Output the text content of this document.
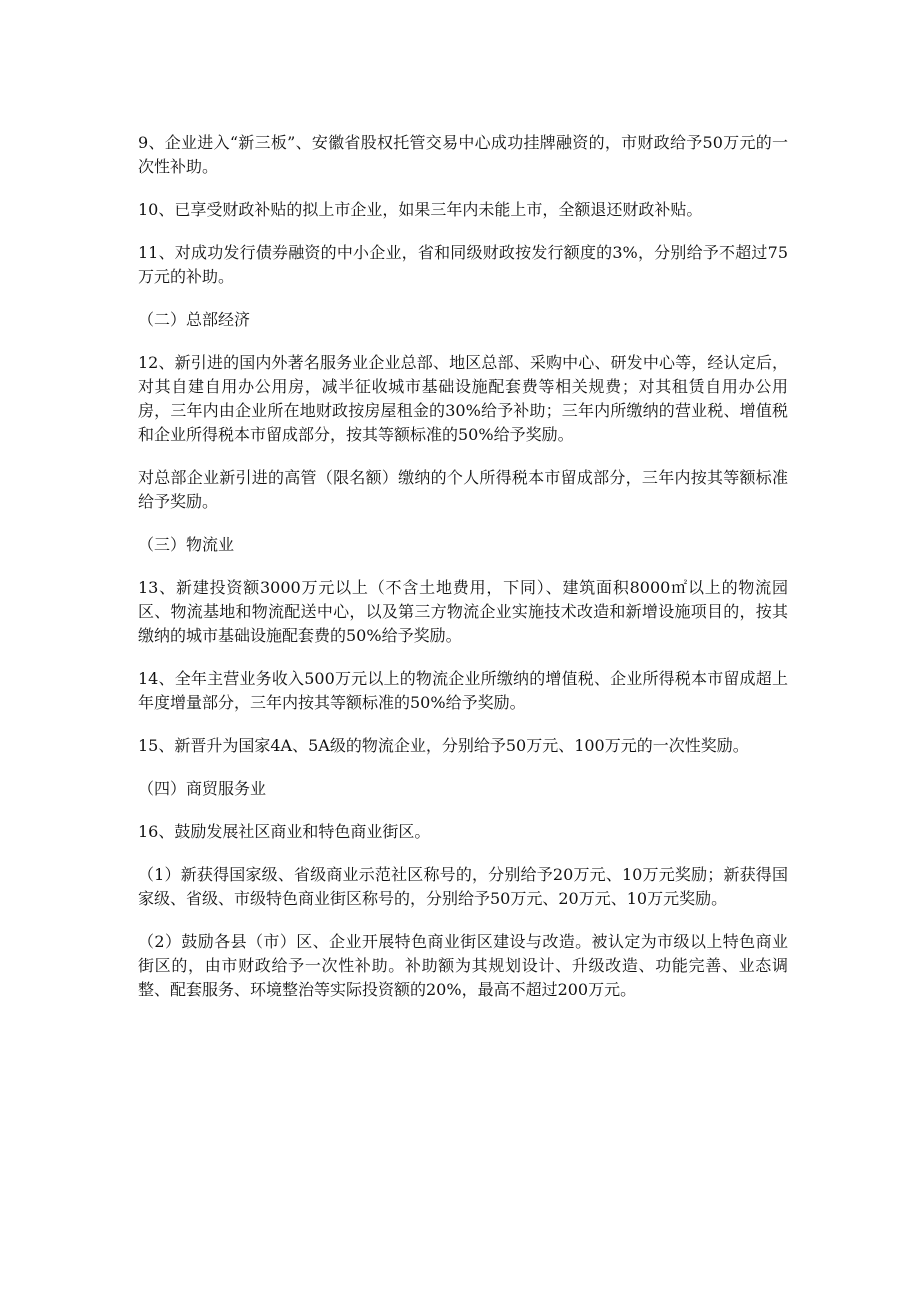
9、企业进入“新三板”、安徽省股权托管交易中心成功挂牌融资的，市财政给予50万元的一次性补助。

10、已享受财政补贴的拟上市企业，如果三年内未能上市，全额退还财政补贴。

11、对成功发行债券融资的中小企业，省和同级财政按发行额度的3%，分别给予不超过75万元的补助。

（二）总部经济

12、新引进的国内外著名服务业企业总部、地区总部、采购中心、研发中心等，经认定后，对其自建自用办公用房，减半征收城市基础设施配套费等相关规费；对其租赁自用办公用房，三年内由企业所在地财政按房屋租金的30%给予补助；三年内所缴纳的营业税、增值税和企业所得税本市留成部分，按其等额标准的50%给予奖励。

对总部企业新引进的高管（限名额）缴纳的个人所得税本市留成部分，三年内按其等额标准给予奖励。

（三）物流业

13、新建投资额3000万元以上（不含土地费用，下同）、建筑面积8000㎡以上的物流园区、物流基地和物流配送中心，以及第三方物流企业实施技术改造和新增设施项目的，按其缴纳的城市基础设施配套费的50%给予奖励。

14、全年主营业务收入500万元以上的物流企业所缴纳的增值税、企业所得税本市留成超上年度增量部分，三年内按其等额标准的50%给予奖励。

15、新晋升为国家4A、5A级的物流企业，分别给予50万元、100万元的一次性奖励。

（四）商贸服务业

16、鼓励发展社区商业和特色商业街区。

（1）新获得国家级、省级商业示范社区称号的，分别给予20万元、10万元奖励；新获得国家级、省级、市级特色商业街区称号的，分别给予50万元、20万元、10万元奖励。

（2）鼓励各县（市）区、企业开展特色商业街区建设与改造。被认定为市级以上特色商业街区的，由市财政给予一次性补助。补助额为其规划设计、升级改造、功能完善、业态调整、配套服务、环境整治等实际投资额的20%，最高不超过200万元。
